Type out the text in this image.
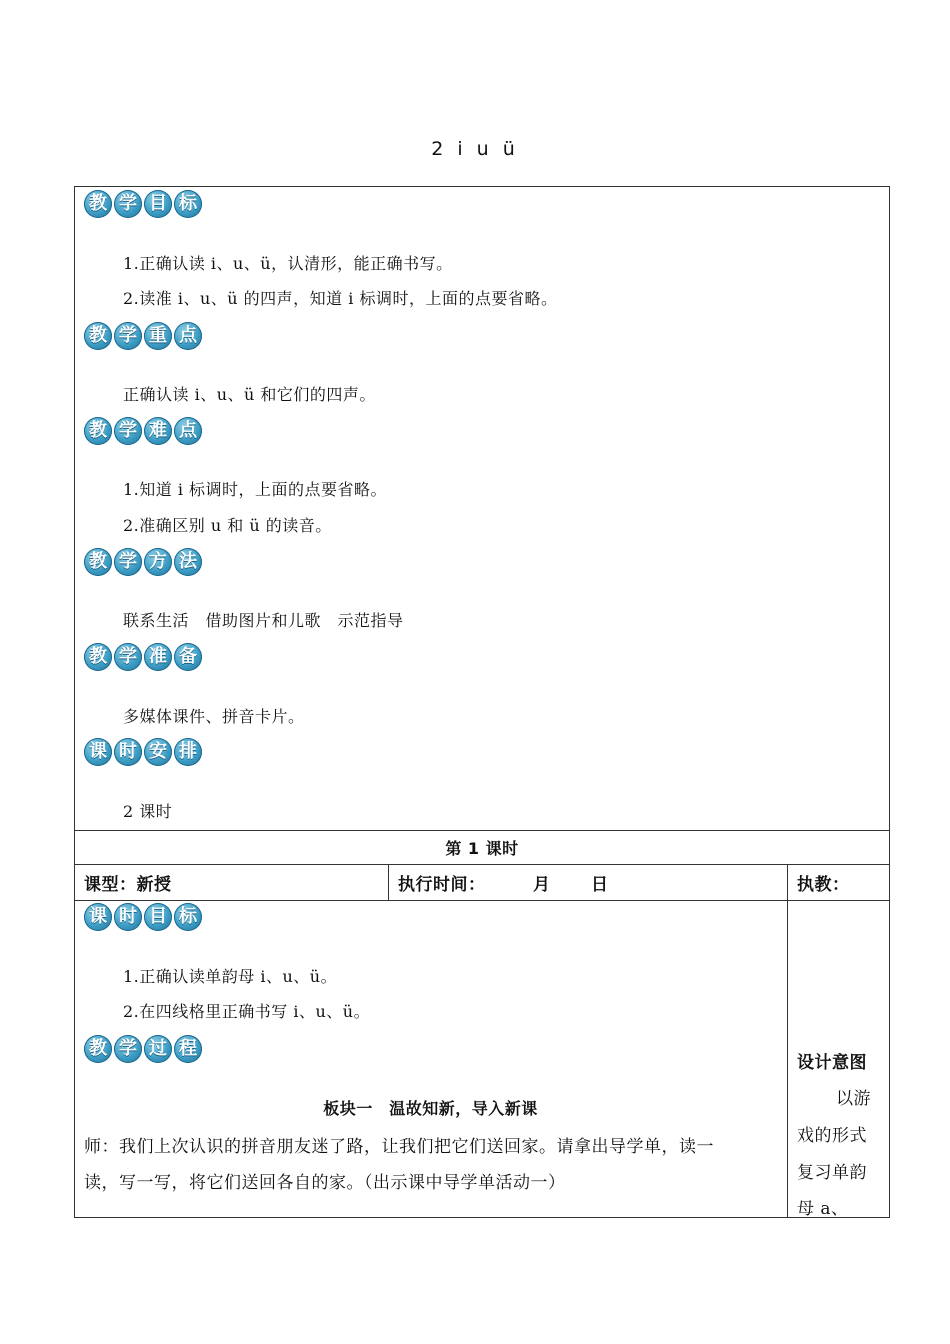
2 i u ü
教 学 目 标
1.正确认读 i、u、ü，认清形，能正确书写。
2.读准 i、u、ü 的四声，知道 i 标调时，上面的点要省略。
教 学 重 点
正确认读 i、u、ü 和它们的四声。
教 学 难 点
1.知道 i 标调时，上面的点要省略。
2.准确区别 u 和 ü 的读音。
教 学 方 法
联系生活　借助图片和儿歌　示范指导
教 学 准 备
多媒体课件、拼音卡片。
课 时 安 排
2 课时
第 1 课时
课型：新授	执行时间：	月 日	执教：
课 时 目 标
1.正确认读单韵母 i、u、ü。
2.在四线格里正确书写 i、u、ü。
教 学 过 程
板块一　温故知新，导入新课
师：我们上次认识的拼音朋友迷了路，让我们把它们送回家。请拿出导学单，读一
读，写一写，将它们送回各自的家。（出示课中导学单活动一）
设计意图
以游
戏的形式
复习单韵
母 a、
